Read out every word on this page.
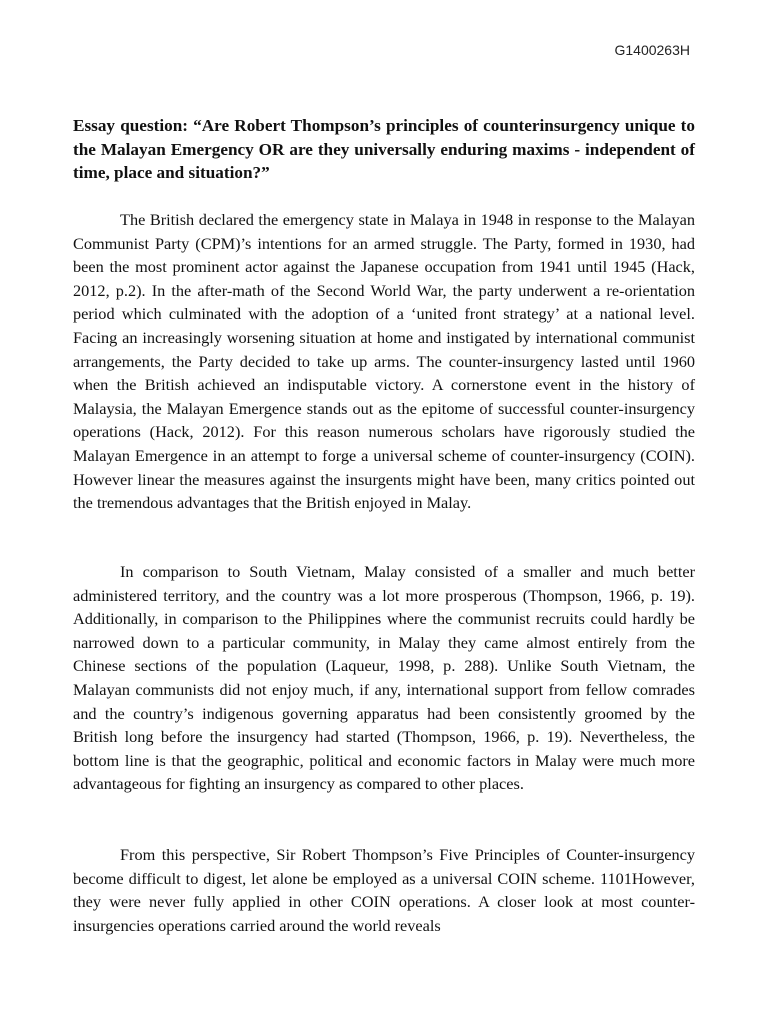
G1400263H

Essay question: “Are Robert Thompson’s principles of counterinsurgency unique to the Malayan Emergency OR are they universally enduring maxims - independent of time, place and situation?”

The British declared the emergency state in Malaya in 1948 in response to the Malayan Communist Party (CPM)’s intentions for an armed struggle. The Party, formed in 1930, had been the most prominent actor against the Japanese occupation from 1941 until 1945 (Hack, 2012, p.2). In the after-math of the Second World War, the party underwent a re-orientation period which culminated with the adoption of a ‘united front strategy’ at a national level. Facing an increasingly worsening situation at home and instigated by international communist arrangements, the Party decided to take up arms. The counter-insurgency lasted until 1960 when the British achieved an indisputable victory. A cornerstone event in the history of Malaysia, the Malayan Emergence stands out as the epitome of successful counter-insurgency operations (Hack, 2012). For this reason numerous scholars have rigorously studied the Malayan Emergence in an attempt to forge a universal scheme of counter-insurgency (COIN). However linear the measures against the insurgents might have been, many critics pointed out the tremendous advantages that the British enjoyed in Malay.

In comparison to South Vietnam, Malay consisted of a smaller and much better administered territory, and the country was a lot more prosperous (Thompson, 1966, p. 19). Additionally, in comparison to the Philippines where the communist recruits could hardly be narrowed down to a particular community, in Malay they came almost entirely from the Chinese sections of the population (Laqueur, 1998, p. 288). Unlike South Vietnam, the Malayan communists did not enjoy much, if any, international support from fellow comrades and the country’s indigenous governing apparatus had been consistently groomed by the British long before the insurgency had started (Thompson, 1966, p. 19). Nevertheless, the bottom line is that the geographic, political and economic factors in Malay were much more advantageous for fighting an insurgency as compared to other places.

From this perspective, Sir Robert Thompson’s Five Principles of Counter-insurgency become difficult to digest, let alone be employed as a universal COIN scheme. 1101However, they were never fully applied in other COIN operations. A closer look at most counter-insurgencies operations carried around the world reveals
